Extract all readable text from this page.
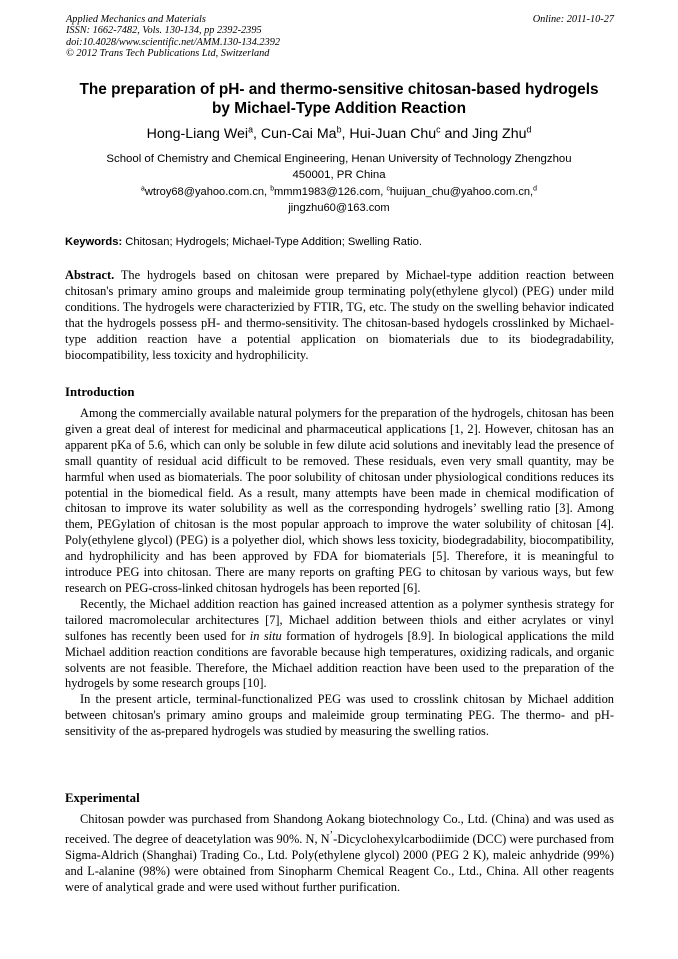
Applied Mechanics and Materials
ISSN: 1662-7482, Vols. 130-134, pp 2392-2395
doi:10.4028/www.scientific.net/AMM.130-134.2392
© 2012 Trans Tech Publications Ltd, Switzerland
Online: 2011-10-27
The preparation of pH- and thermo-sensitive chitosan-based hydrogels
by Michael-Type Addition Reaction
Hong-Liang Wei$^a$, Cun-Cai Ma$^b$, Hui-Juan Chu$^c$ and Jing Zhu$^d$
School of Chemistry and Chemical Engineering, Henan University of Technology Zhengzhou
450001, PR China
$^a$wtroy68@yahoo.com.cn, $^b$mmm1983@126.com, $^c$huijuan_chu@yahoo.com.cn,$^d$
jingzhu60@163.com
Keywords: Chitosan; Hydrogels; Michael-Type Addition; Swelling Ratio.

Abstract. The hydrogels based on chitosan were prepared by Michael-type addition reaction between chitosan's primary amino groups and maleimide group terminating poly(ethylene glycol) (PEG) under mild conditions. The hydrogels were characterizied by FTIR, TG, etc. The study on the swelling behavior indicated that the hydrogels possess pH- and thermo-sensitivity. The chitosan-based hydogels crosslinked by Michael-type addition reaction have a potential application on biomaterials due to its biodegradability, biocompatibility, less toxicity and hydrophilicity.

Introduction

Among the commercially available natural polymers for the preparation of the hydrogels, chitosan has been given a great deal of interest for medicinal and pharmaceutical applications [1, 2]. However, chitosan has an apparent pKa of 5.6, which can only be soluble in few dilute acid solutions and inevitably lead the presence of small quantity of residual acid difficult to be removed. These residuals, even very small quantity, may be harmful when used as biomaterials. The poor solubility of chitosan under physiological conditions reduces its potential in the biomedical field. As a result, many attempts have been made in chemical modification of chitosan to improve its water solubility as well as the corresponding hydrogels’ swelling ratio [3]. Among them, PEGylation of chitosan is the most popular approach to improve the water solubility of chitosan [4]. Poly(ethylene glycol) (PEG) is a polyether diol, which shows less toxicity, biodegradability, biocompatibility, and hydrophilicity and has been approved by FDA for biomaterials [5]. Therefore, it is meaningful to introduce PEG into chitosan. There are many reports on grafting PEG to chitosan by various ways, but few research on PEG-cross-linked chitosan hydrogels has been reported [6].

Recently, the Michael addition reaction has gained increased attention as a polymer synthesis strategy for tailored macromolecular architectures [7], Michael addition between thiols and either acrylates or vinyl sulfones has recently been used for in situ formation of hydrogels [8.9]. In biological applications the mild Michael addition reaction conditions are favorable because high temperatures, oxidizing radicals, and organic solvents are not feasible. Therefore, the Michael addition reaction have been used to the preparation of the hydrogels by some research groups [10].

In the present article, terminal-functionalized PEG was used to crosslink chitosan by Michael addition between chitosan's primary amino groups and maleimide group terminating PEG. The thermo- and pH-sensitivity of the as-prepared hydrogels was studied by measuring the swelling ratios.

Experimental

Chitosan powder was purchased from Shandong Aokang biotechnology Co., Ltd. (China) and was used as received. The degree of deacetylation was 90%. N, N’-Dicyclohexylcarbodiimide (DCC) were purchased from Sigma-Aldrich (Shanghai) Trading Co., Ltd. Poly(ethylene glycol) 2000 (PEG 2 K), maleic anhydride (99%) and L-alanine (98%) were obtained from Sinopharm Chemical Reagent Co., Ltd., China. All other reagents were of analytical grade and were used without further purification.
